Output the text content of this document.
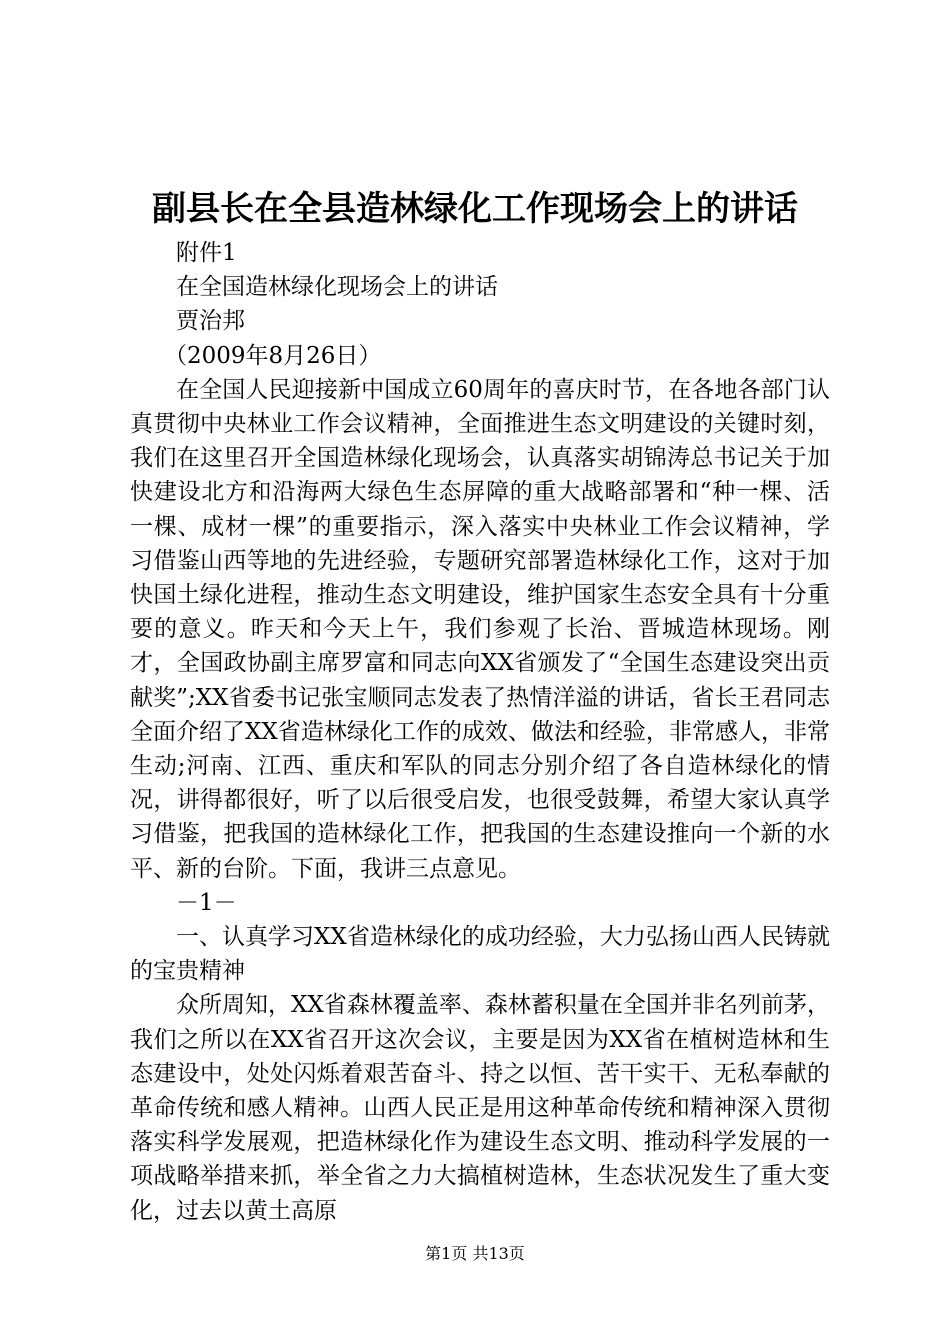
副县长在全县造林绿化工作现场会上的讲话

附件1

在全国造林绿化现场会上的讲话

贾治邦

（2009年8月26日）

在全国人民迎接新中国成立60周年的喜庆时节，在各地各部门认真贯彻中央林业工作会议精神，全面推进生态文明建设的关键时刻，我们在这里召开全国造林绿化现场会，认真落实胡锦涛总书记关于加快建设北方和沿海两大绿色生态屏障的重大战略部署和“种一棵、活一棵、成材一棵”的重要指示，深入落实中央林业工作会议精神，学习借鉴山西等地的先进经验，专题研究部署造林绿化工作，这对于加快国土绿化进程，推动生态文明建设，维护国家生态安全具有十分重要的意义。昨天和今天上午，我们参观了长治、晋城造林现场。刚才，全国政协副主席罗富和同志向XX省颁发了“全国生态建设突出贡献奖”;XX省委书记张宝顺同志发表了热情洋溢的讲话，省长王君同志全面介绍了XX省造林绿化工作的成效、做法和经验，非常感人，非常生动;河南、江西、重庆和军队的同志分别介绍了各自造林绿化的情况，讲得都很好，听了以后很受启发，也很受鼓舞，希望大家认真学习借鉴，把我国的造林绿化工作，把我国的生态建设推向一个新的水平、新的台阶。下面，我讲三点意见。

－1－

一、认真学习XX省造林绿化的成功经验，大力弘扬山西人民铸就的宝贵精神

众所周知，XX省森林覆盖率、森林蓄积量在全国并非名列前茅，我们之所以在XX省召开这次会议，主要是因为XX省在植树造林和生态建设中，处处闪烁着艰苦奋斗、持之以恒、苦干实干、无私奉献的革命传统和感人精神。山西人民正是用这种革命传统和精神深入贯彻落实科学发展观，把造林绿化作为建设生态文明、推动科学发展的一项战略举措来抓，举全省之力大搞植树造林，生态状况发生了重大变化，过去以黄土高原

第1页 共13页
